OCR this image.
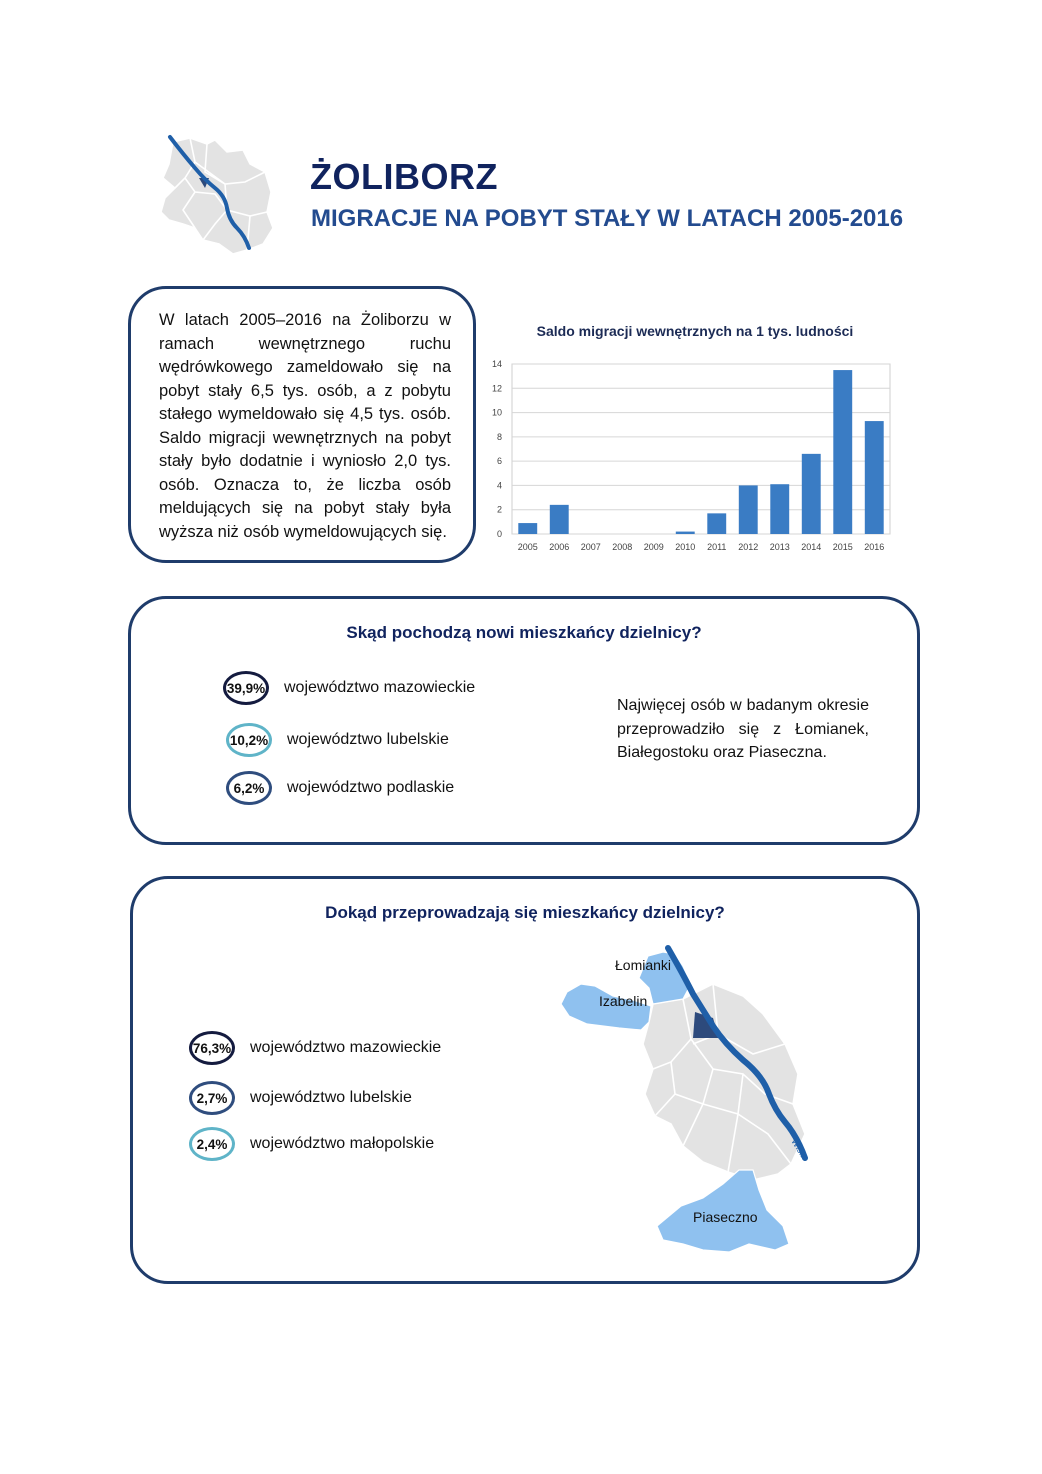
ŻOLIBORZ
MIGRACJE NA POBYT STAŁY W LATACH 2005-2016
W latach 2005–2016 na Żoliborzu w ramach wewnętrznego ruchu wędrówkowego zameldowało się na pobyt stały 6,5 tys. osób, a z pobytu stałego wymeldowało się 4,5 tys. osób. Saldo migracji wewnętrznych na pobyt stały było dodatnie i wyniosło 2,0 tys. osób. Oznacza to, że liczba osób meldujących się na pobyt stały była wyższa niż osób wymeldowujących się.
Saldo migracji wewnętrznych na 1 tys. ludności
0
2
4
6
8
10
12
14
2005 2006 2007 2008 2009 2010 2011 2012 2013 2014 2015 2016
Skąd pochodzą nowi mieszkańcy dzielnicy?
39,9% województwo mazowieckie
10,2% województwo lubelskie
6,2%	województwo podlaskie
Najwięcej osób w badanym okresie przeprowadziło się z Łomianek, Białegostoku oraz Piaseczna.
Dokąd przeprowadzają się mieszkańcy dzielnicy?
76,3% województwo mazowieckie
2,7%	województwo lubelskie
2,4%	województwo małopolskie	Wisła
Łomianki
Izabelin
Piaseczno
